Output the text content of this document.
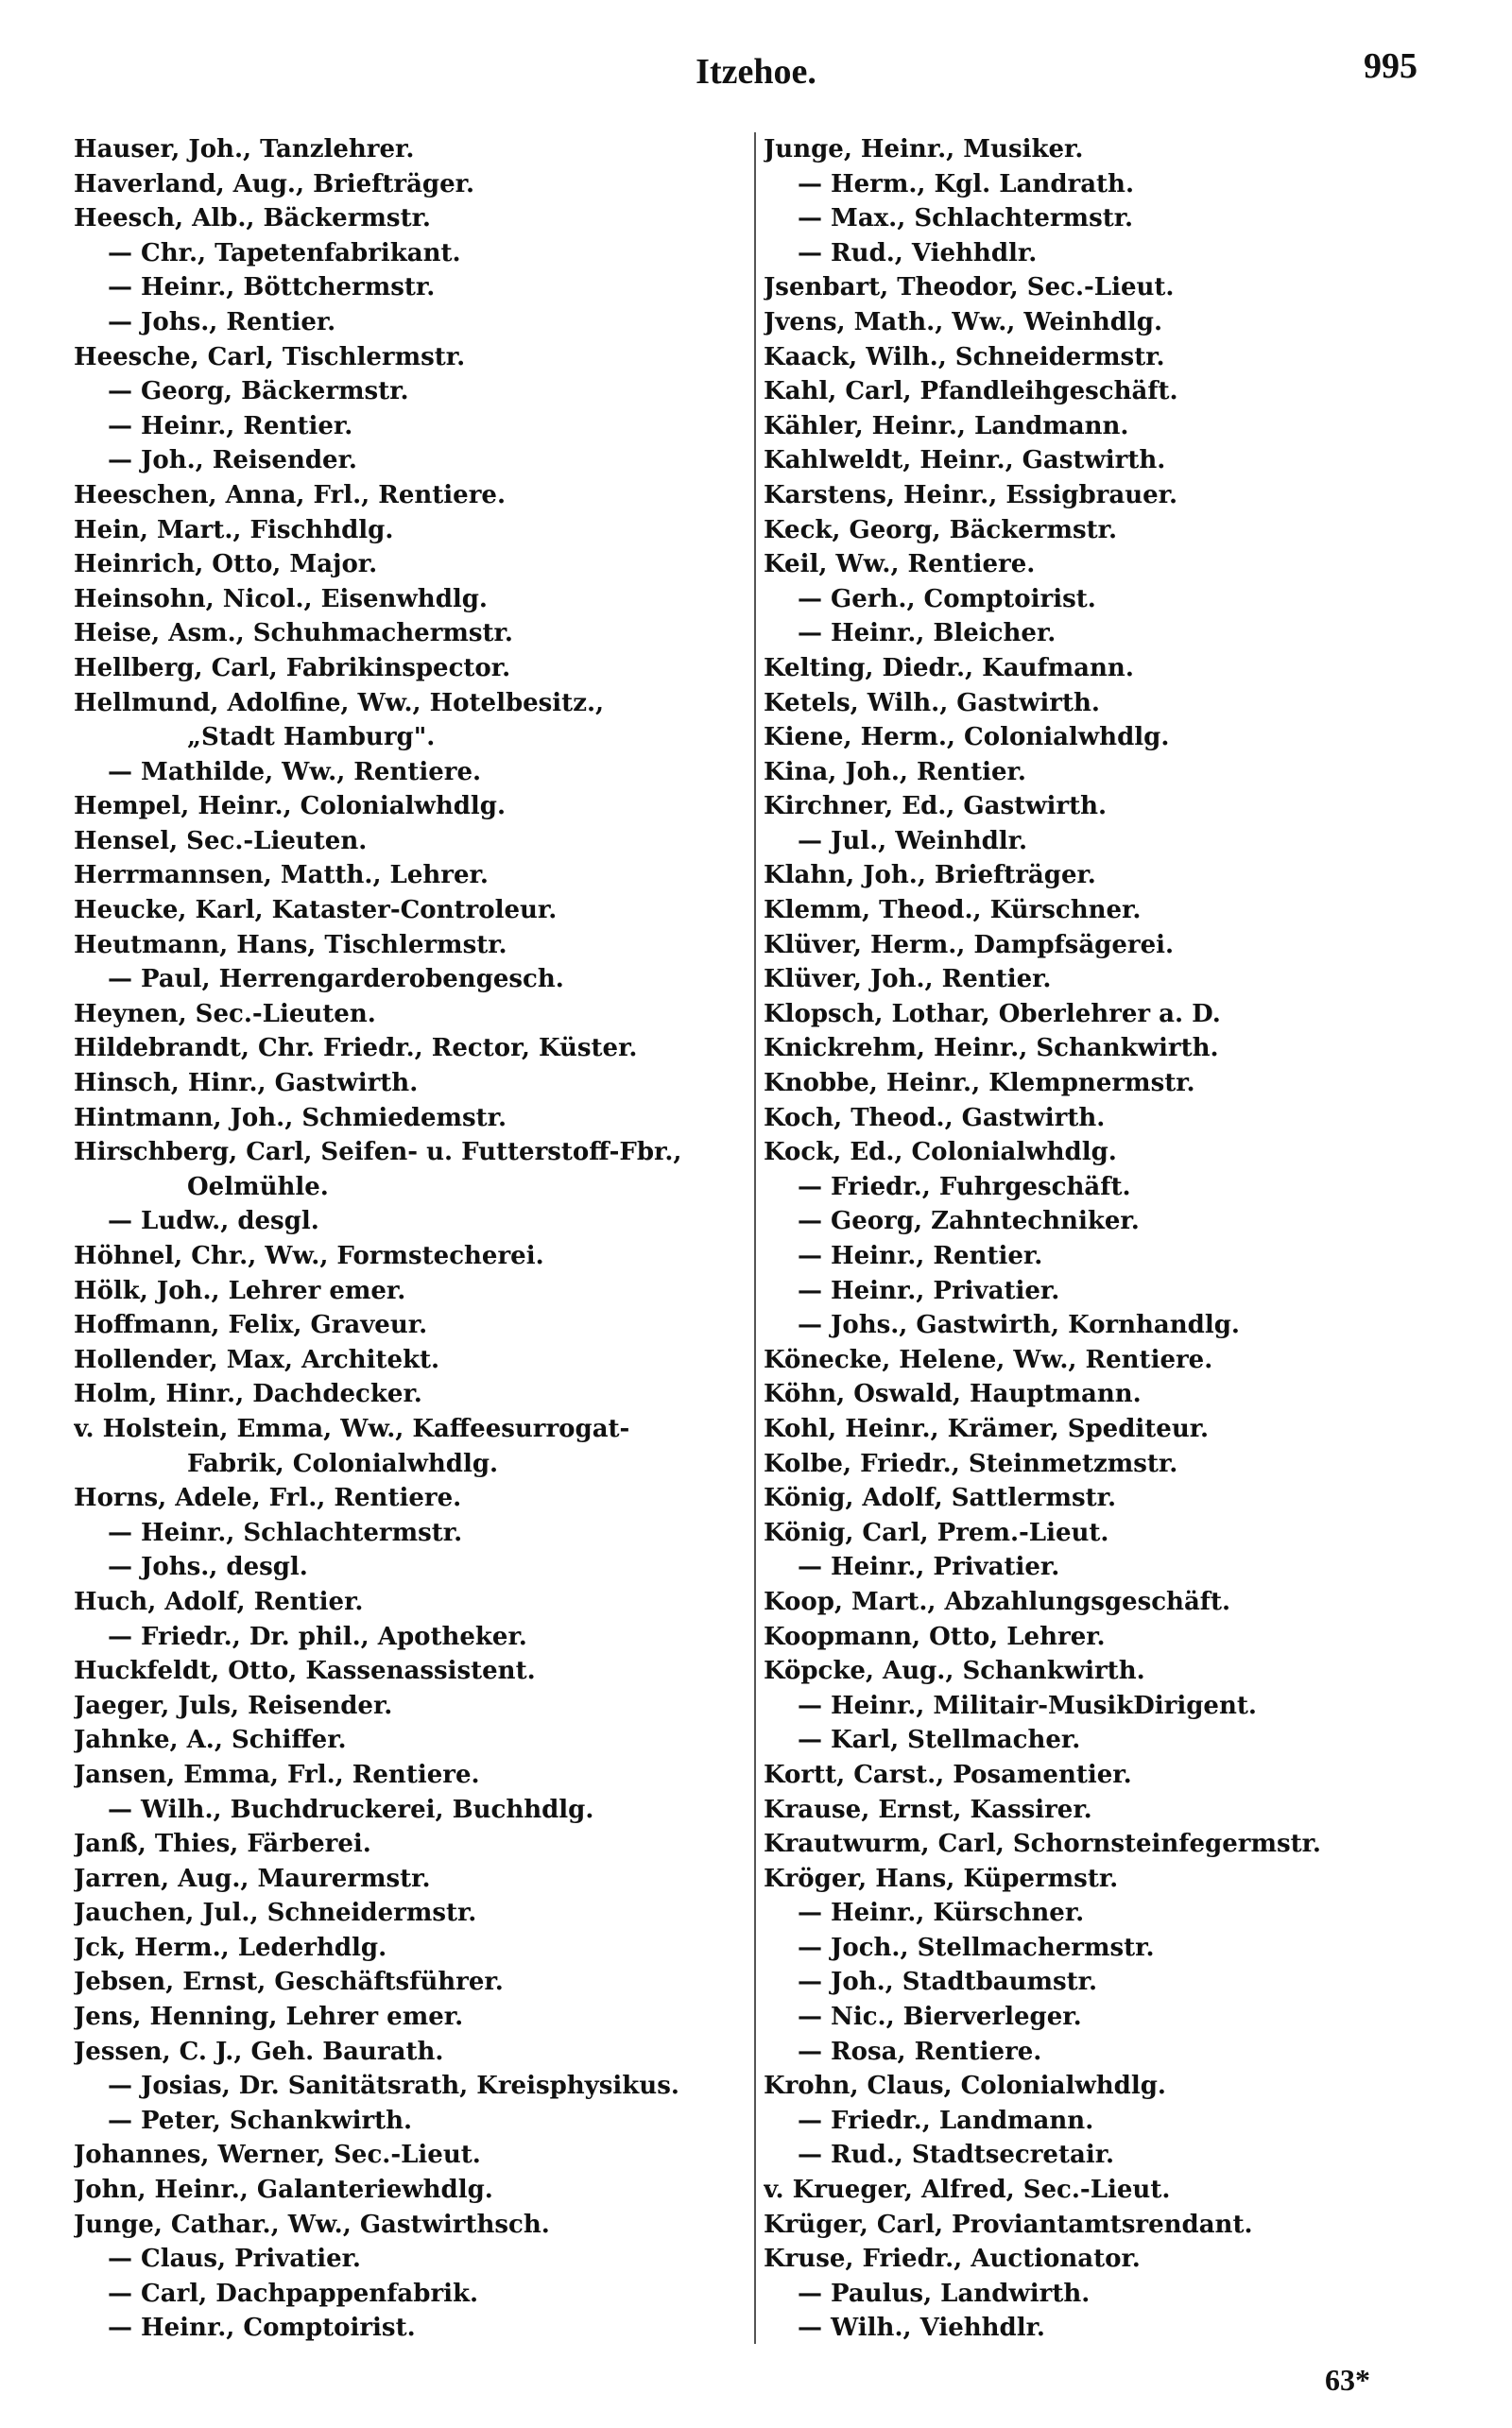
Itzehoe.	995
Hauser, Joh., Tanzlehrer.
Haverland, Aug., Briefträger.
Heesch, Alb., Bäckermstr.
— Chr., Tapetenfabrikant.
— Heinr., Böttchermstr.
— Johs., Rentier.
Heesche, Carl, Tischlermstr.
— Georg, Bäckermstr.
— Heinr., Rentier.
— Joh., Reisender.
Heeschen, Anna, Frl., Rentiere.
Hein, Mart., Fischhdlg.
Heinrich, Otto, Major.
Heinsohn, Nicol., Eisenwhdlg.
Heise, Asm., Schuhmachermstr.
Hellberg, Carl, Fabrikinspector.
Hellmund, Adolfine, Ww., Hotelbesitz.,
„Stadt Hamburg".
— Mathilde, Ww., Rentiere.
Hempel, Heinr., Colonialwhdlg.
Hensel, Sec.-Lieuten.
Herrmannsen, Matth., Lehrer.
Heucke, Karl, Kataster-Controleur.
Heutmann, Hans, Tischlermstr.
— Paul, Herrengarderobengesch.
Heynen, Sec.-Lieuten.
Hildebrandt, Chr. Friedr., Rector, Küster.
Hinsch, Hinr., Gastwirth.
Hintmann, Joh., Schmiedemstr.
Hirschberg, Carl, Seifen- u. Futterstoff-Fbr.,
Oelmühle.
— Ludw., desgl.
Höhnel, Chr., Ww., Formstecherei.
Hölk, Joh., Lehrer emer.
Hoffmann, Felix, Graveur.
Hollender, Max, Architekt.
Holm, Hinr., Dachdecker.
v. Holstein, Emma, Ww., Kaffeesurrogat-
Fabrik, Colonialwhdlg.
Horns, Adele, Frl., Rentiere.
— Heinr., Schlachtermstr.
— Johs., desgl.
Huch, Adolf, Rentier.
— Friedr., Dr. phil., Apotheker.
Huckfeldt, Otto, Kassenassistent.
Jaeger, Juls, Reisender.
Jahnke, A., Schiffer.
Jansen, Emma, Frl., Rentiere.
— Wilh., Buchdruckerei, Buchhdlg.
Janß, Thies, Färberei.
Jarren, Aug., Maurermstr.
Jauchen, Jul., Schneidermstr.
Jck, Herm., Lederhdlg.
Jebsen, Ernst, Geschäftsführer.
Jens, Henning, Lehrer emer.
Jessen, C. J., Geh. Baurath.
— Josias, Dr. Sanitätsrath, Kreisphysikus.
— Peter, Schankwirth.
Johannes, Werner, Sec.-Lieut.
John, Heinr., Galanteriewhdlg.
Junge, Cathar., Ww., Gastwirthsch.
— Claus, Privatier.
— Carl, Dachpappenfabrik.
— Heinr., Comptoirist.
Junge, Heinr., Musiker.
— Herm., Kgl. Landrath.
— Max., Schlachtermstr.
— Rud., Viehhdlr.
Jsenbart, Theodor, Sec.-Lieut.
Jvens, Math., Ww., Weinhdlg.
Kaack, Wilh., Schneidermstr.
Kahl, Carl, Pfandleihgeschäft.
Kähler, Heinr., Landmann.
Kahlweldt, Heinr., Gastwirth.
Karstens, Heinr., Essigbrauer.
Keck, Georg, Bäckermstr.
Keil, Ww., Rentiere.
— Gerh., Comptoirist.
— Heinr., Bleicher.
Kelting, Diedr., Kaufmann.
Ketels, Wilh., Gastwirth.
Kiene, Herm., Colonialwhdlg.
Kina, Joh., Rentier.
Kirchner, Ed., Gastwirth.
— Jul., Weinhdlr.
Klahn, Joh., Briefträger.
Klemm, Theod., Kürschner.
Klüver, Herm., Dampfsägerei.
Klüver, Joh., Rentier.
Klopsch, Lothar, Oberlehrer a. D.
Knickrehm, Heinr., Schankwirth.
Knobbe, Heinr., Klempnermstr.
Koch, Theod., Gastwirth.
Kock, Ed., Colonialwhdlg.
— Friedr., Fuhrgeschäft.
— Georg, Zahntechniker.
— Heinr., Rentier.
— Heinr., Privatier.
— Johs., Gastwirth, Kornhandlg.
Könecke, Helene, Ww., Rentiere.
Köhn, Oswald, Hauptmann.
Kohl, Heinr., Krämer, Spediteur.
Kolbe, Friedr., Steinmetzmstr.
König, Adolf, Sattlermstr.
König, Carl, Prem.-Lieut.
— Heinr., Privatier.
Koop, Mart., Abzahlungsgeschäft.
Koopmann, Otto, Lehrer.
Köpcke, Aug., Schankwirth.
— Heinr., Militair-MusikDirigent.
— Karl, Stellmacher.
Kortt, Carst., Posamentier.
Krause, Ernst, Kassirer.
Krautwurm, Carl, Schornsteinfegermstr.
Kröger, Hans, Küpermstr.
— Heinr., Kürschner.
— Joch., Stellmachermstr.
— Joh., Stadtbaumstr.
— Nic., Bierverleger.
— Rosa, Rentiere.
Krohn, Claus, Colonialwhdlg.
— Friedr., Landmann.
— Rud., Stadtsecretair.
v. Krueger, Alfred, Sec.-Lieut.
Krüger, Carl, Proviantamtsrendant.
Kruse, Friedr., Auctionator.
— Paulus, Landwirth.
— Wilh., Viehhdlr.
63*
